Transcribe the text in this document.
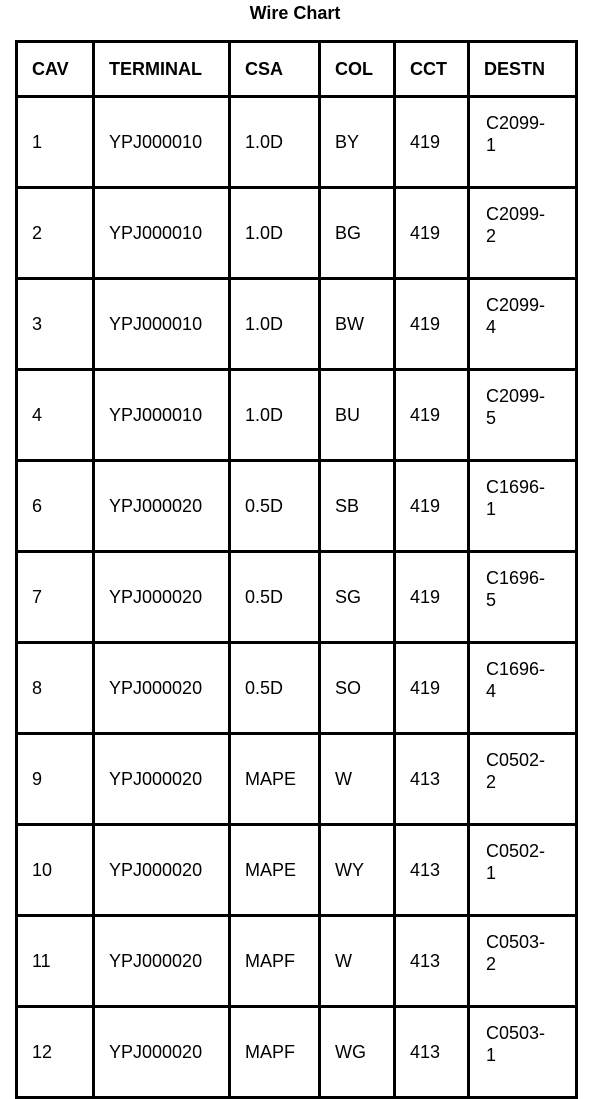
Wire Chart
CAV	TERMINAL	CSA	COL	CCT	DESTN
1	YPJ000010	1.0D	BY	419	C2099-
1

2	YPJ000010	1.0D	BG	419	C2099-
2

3	YPJ000010	1.0D	BW	419	C2099-
4

4	YPJ000010	1.0D	BU	419	C2099-
5

6	YPJ000020	0.5D	SB	419	C1696-
1

7	YPJ000020	0.5D	SG	419	C1696-
5

8	YPJ000020	0.5D	SO	419	C1696-
4

9	YPJ000020	MAPE	W	413	C0502-
2

10	YPJ000020	MAPE	WY	413	C0502-
1

11	YPJ000020	MAPF	W	413	C0503-
2

12	YPJ000020	MAPF	WG	413	C0503-
1
